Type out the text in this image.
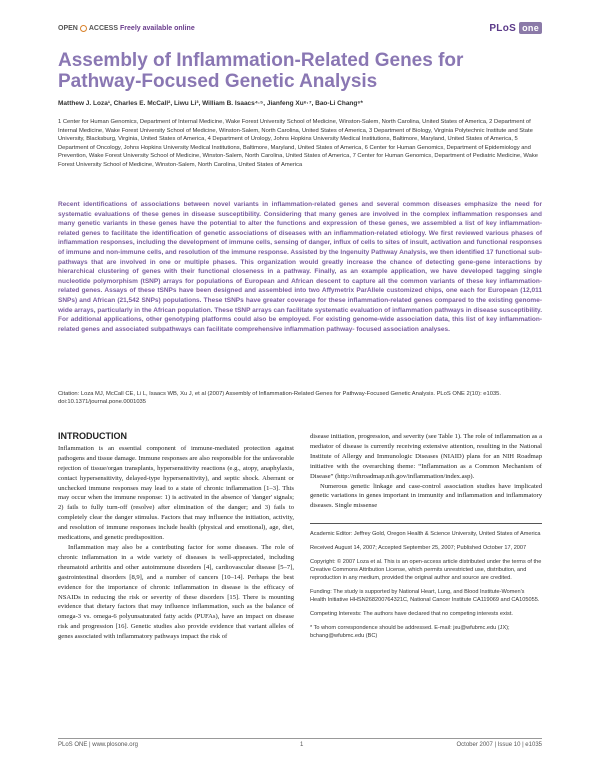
OPEN ACCESS Freely available online	PLoS one
Assembly of Inflammation-Related Genes for Pathway-Focused Genetic Analysis
Matthew J. Loza¹, Charles E. McCall², Liwu Li³, William B. Isaacs⁴·⁵, Jianfeng Xu⁶·⁷, Bao-Li Chang⁶*
1 Center for Human Genomics, Department of Internal Medicine, Wake Forest University School of Medicine, Winston-Salem, North Carolina, United States of America, 2 Department of Internal Medicine, Wake Forest University School of Medicine, Winston-Salem, North Carolina, United States of America, 3 Department of Biology, Virginia Polytechnic Institute and State University, Blacksburg, Virginia, United States of America, 4 Department of Urology, Johns Hopkins University Medical Institutions, Baltimore, Maryland, United States of America, 5 Department of Oncology, Johns Hopkins University Medical Institutions, Baltimore, Maryland, United States of America, 6 Center for Human Genomics, Department of Epidemiology and Prevention, Wake Forest University School of Medicine, Winston-Salem, North Carolina, United States of America, 7 Center for Human Genomics, Department of Pediatric Medicine, Wake Forest University School of Medicine, Winston-Salem, North Carolina, United States of America
Recent identifications of associations between novel variants in inflammation-related genes and several common diseases emphasize the need for systematic evaluations of these genes in disease susceptibility. Considering that many genes are involved in the complex inflammation responses and many genetic variants in these genes have the potential to alter the functions and expression of these genes, we assembled a list of key inflammation-related genes to facilitate the identification of genetic associations of diseases with an inflammation-related etiology. We first reviewed various phases of inflammation responses, including the development of immune cells, sensing of danger, influx of cells to sites of insult, activation and functional responses of immune and non-immune cells, and resolution of the immune response. Assisted by the Ingenuity Pathway Analysis, we then identified 17 functional sub-pathways that are involved in one or multiple phases. This organization would greatly increase the chance of detecting gene-gene interactions by hierarchical clustering of genes with their functional closeness in a pathway. Finally, as an example application, we have developed tagging single nucleotide polymorphism (tSNP) arrays for populations of European and African descent to capture all the common variants of these key inflammation-related genes. Assays of these tSNPs have been designed and assembled into two Affymetrix ParAllele customized chips, one each for European (12,011 SNPs) and African (21,542 SNPs) populations. These tSNPs have greater coverage for these inflammation-related genes compared to the existing genome-wide arrays, particularly in the African population. These tSNP arrays can facilitate systematic evaluation of inflammation pathways in disease susceptibility. For additional applications, other genotyping platforms could also be employed. For existing genome-wide association data, this list of key inflammation-related genes and associated subpathways can facilitate comprehensive inflammation pathway- focused association analyses.
Citation: Loza MJ, McCall CE, Li L, Isaacs WB, Xu J, et al (2007) Assembly of Inflammation-Related Genes for Pathway-Focused Genetic Analysis. PLoS ONE 2(10): e1035. doi:10.1371/journal.pone.0001035
INTRODUCTION

Inflammation is an essential component of immune-mediated protection against pathogens and tissue damage. Immune responses are also responsible for the unfavorable rejection of tissue/organ transplants, hypersensitivity reactions (e.g., atopy, anaphylaxis, contact hypersensitivity, delayed-type hypersensitivity), and septic shock. Aberrant or unchecked immune responses may lead to a state of chronic inflammation [1–3]. This may occur when the immune response: 1) is activated in the absence of 'danger' signals; 2) fails to fully turn-off (resolve) after elimination of the danger; and 3) fails to completely clear the danger stimulus. Factors that may influence the initiation, activity, and resolution of immune responses include health (physical and emotional), age, diet, medications, and genetic predisposition.

Inflammation may also be a contributing factor for some diseases. The role of chronic inflammation in a wide variety of diseases is well-appreciated, including rheumatoid arthritis and other autoimmune disorders [4], cardiovascular disease [5–7], gastrointestinal disorders [8,9], and a number of cancers [10–14]. Perhaps the best evidence for the importance of chronic inflammation in disease is the efficacy of NSAIDs in reducing the risk or severity of these disorders [15]. There is mounting evidence that dietary factors that may influence inflammation, such as the balance of omega-3 vs. omega-6 polyunsaturated fatty acids (PUFAs), have an impact on disease risk and progression [16]. Genetic studies also provide evidence that variant alleles of genes associated with inflammatory pathways impact the risk of

disease initiation, progression, and severity (see Table 1). The role of inflammation as a mediator of disease is currently receiving extensive attention, resulting in the National Institute of Allergy and Immunologic Diseases (NIAID) plans for an NIH Roadmap initiative with the overarching theme: “Inflammation as a Common Mechanism of Disease” (http://nihroadmap.nih.gov/inflammation/index.asp).

Numerous genetic linkage and case-control association studies have implicated genetic variations in genes important in immunity and inflammation and inflammatory diseases. Single missense

Academic Editor: Jeffrey Gold, Oregon Health & Science University, United States of America

Received August 14, 2007; Accepted September 25, 2007; Published October 17, 2007

Copyright: © 2007 Loza et al. This is an open-access article distributed under the terms of the Creative Commons Attribution License, which permits unrestricted use, distribution, and reproduction in any medium, provided the original author and source are credited.

Funding: The study is supported by National Heart, Lung, and Blood Institute-Women's Health Initiative HHSN268200764321C, National Cancer Institute CA119069 and CA105055.

Competing Interests: The authors have declared that no competing interests exist.

* To whom correspondence should be addressed. E-mail: jxu@wfubmc.edu (JX); bchang@wfubmc.edu (BC)

PLoS ONE | www.plosone.org	1	October 2007 | Issue 10 | e1035
